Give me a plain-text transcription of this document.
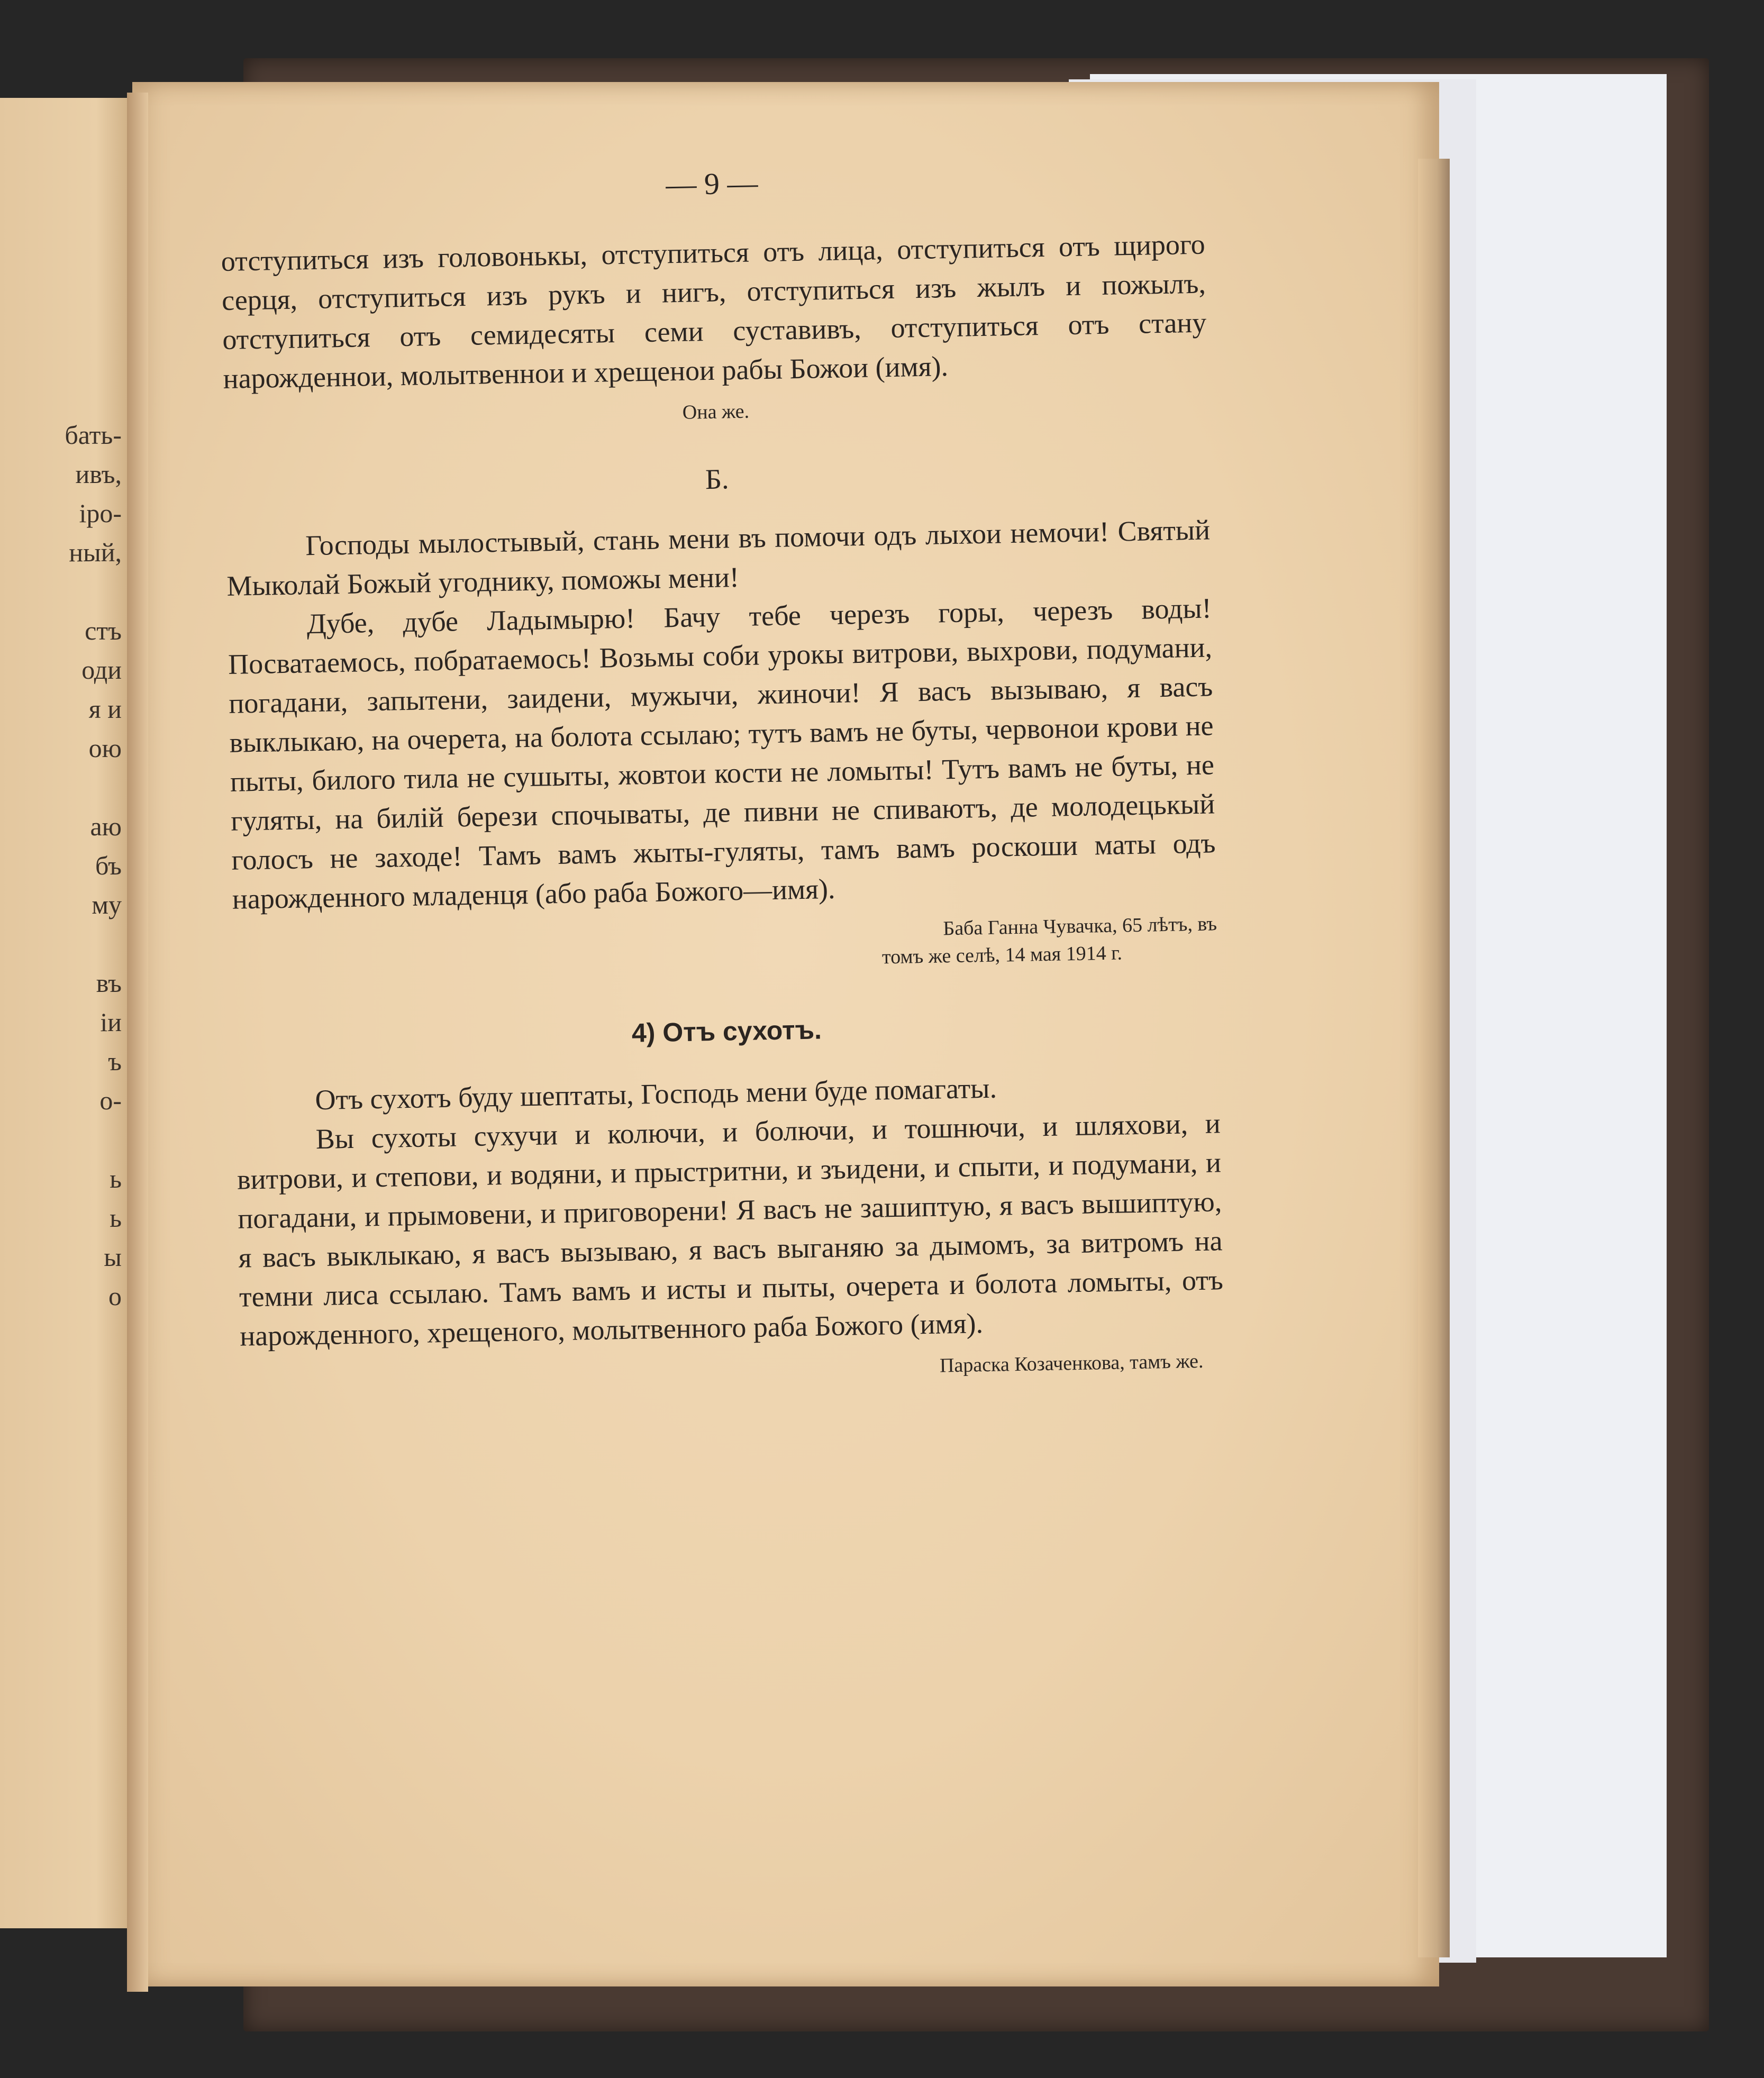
бать-
ивъ,
іро-
ный,
стъ
оди
я и
ою
аю
бъ
му
въ
іи
ъ
о-
ь
ь
ы
о
— 9 —

отступиться изъ головонькы, отступиться отъ лица, отступиться отъ щирого серця, отступиться изъ рукъ и нигъ, отступиться изъ жылъ и пожылъ, отступиться отъ семидесяты семи суставивъ, отступиться отъ стану нарожденнои, молытвеннои и хрещенои рабы Божои (имя).

Она же.
Б.

Господы мылостывый, стань мени въ помочи одъ лыхои немочи! Святый Мыколай Божый угоднику, поможы мени!

Дубе, дубе Ладымырю! Бачу тебе черезъ горы, черезъ воды! Посватаемось, побратаемось! Возьмы соби урокы витрови, выхрови, подумани, погадани, запытени, заидени, мужычи, жиночи! Я васъ вызываю, я васъ выклыкаю, на очерета, на болота ссылаю; тутъ вамъ не буты, червонои крови не пыты, билого тила не сушыты, жовтои кости не ломыты! Тутъ вамъ не буты, не гуляты, на билій берези спочываты, де пивни не спиваютъ, де молодецькый голосъ не заходе! Тамъ вамъ жыты-гуляты, тамъ вамъ роскоши маты одъ нарожденного младенця (або раба Божого—имя).

Баба Ганна Чувачка, 65 лѣтъ, въ
томъ же селѣ, 14 мая 1914 г.
4) Отъ сухотъ.

Отъ сухотъ буду шептаты, Господь мени буде помагаты.

Вы сухоты сухучи и колючи, и болючи, и тошнючи, и шляхови, и витрови, и степови, и водяни, и прыстритни, и зъидени, и спыти, и подумани, и погадани, и прымовени, и приговорени! Я васъ не зашиптую, я васъ вышиптую, я васъ выклыкаю, я васъ вызываю, я васъ выганяю за дымомъ, за витромъ на темни лиса ссылаю. Тамъ вамъ и исты и пыты, очерета и болота ломыты, отъ нарожденного, хрещеного, молытвенного раба Божого (имя).

Параска Козаченкова, тамъ же.
